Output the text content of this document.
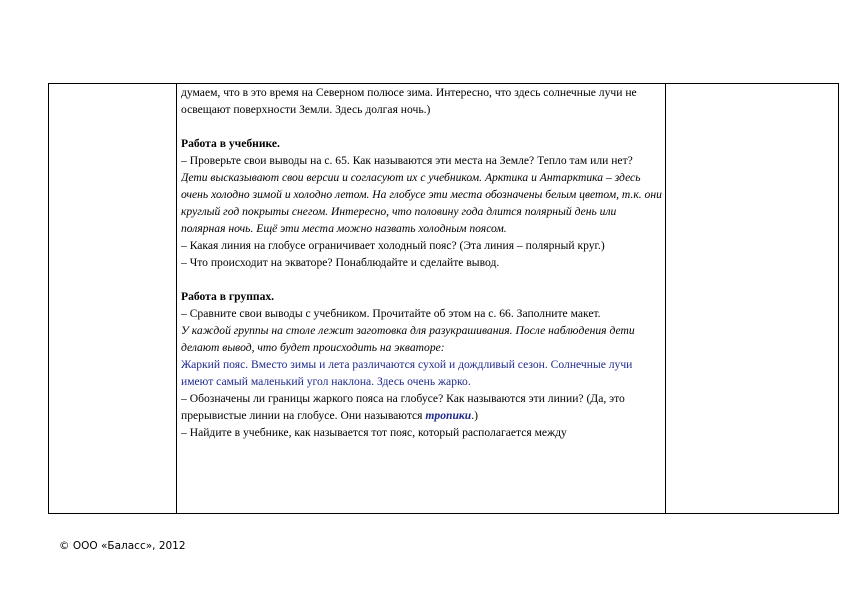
думаем, что в это время на Северном полюсе зима. Интересно, что здесь солнечные лучи не освещают поверхности Земли. Здесь долгая ночь.)

Работа в учебнике.

– Проверьте свои выводы на с. 65. Как называются эти места на Земле? Тепло там или нет?

Дети высказывают свои версии и согласуют их с учебником. Арктика и Антарктика – здесь очень холодно зимой и холодно летом. На глобусе эти места обозначены белым цветом, т.к. они круглый год покрыты снегом. Интересно, что половину года длится полярный день или полярная ночь. Ещё эти места можно назвать холодным поясом.

– Какая линия на глобусе ограничивает холодный пояс? (Эта линия – полярный круг.)

– Что происходит на экваторе? Понаблюдайте и сделайте вывод.

Работа в группах.

– Сравните свои выводы с учебником. Прочитайте об этом на с. 66. Заполните макет.

У каждой группы на столе лежит заготовка для разукрашивания. После наблюдения дети делают вывод, что будет происходить на экваторе:

Жаркий пояс. Вместо зимы и лета различаются сухой и дождливый сезон. Солнечные лучи имеют самый маленький угол наклона. Здесь очень жарко.

– Обозначены ли границы жаркого пояса на глобусе? Как называются эти линии? (Да, это прерывистые линии на глобусе. Они называются тропики.)

– Найдите в учебнике, как называется тот пояс, который располагается между

© ООО «Баласс», 2012
